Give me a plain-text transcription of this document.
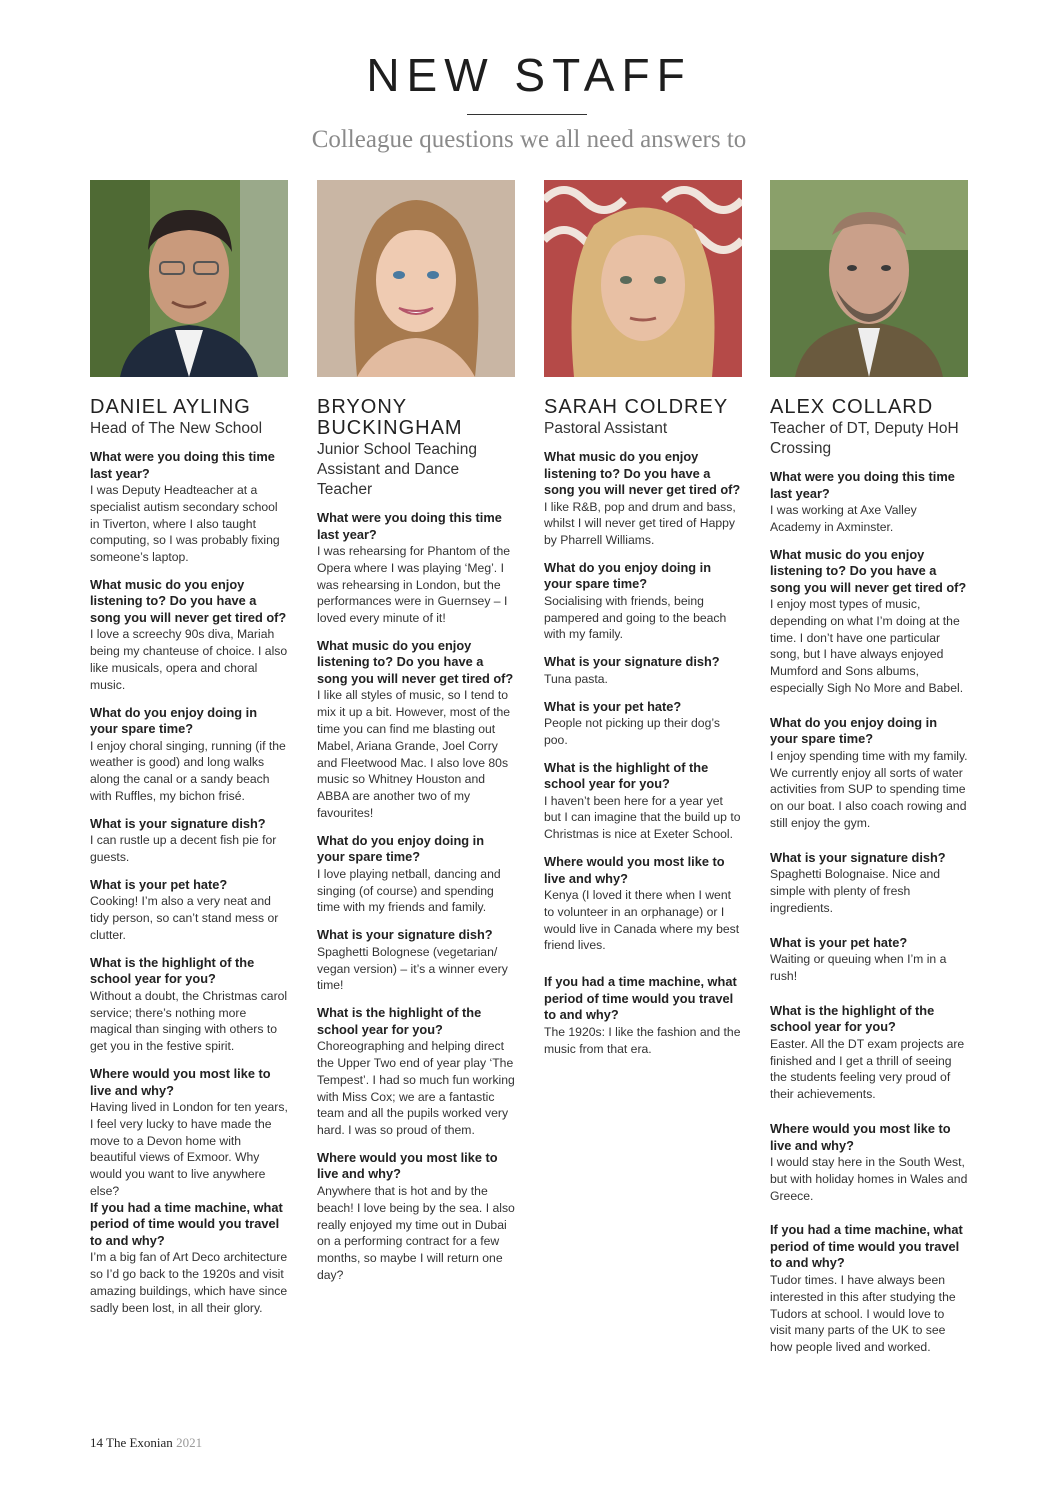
NEW STAFF
Colleague questions we all need answers to
DANIEL AYLING
Head of The New School
What were you doing this time last year?
I was Deputy Headteacher at a specialist autism secondary school in Tiverton, where I also taught computing, so I was probably fixing someone’s laptop.
What music do you enjoy listening to? Do you have a song you will never get tired of?
I love a screechy 90s diva, Mariah being my chanteuse of choice. I also like musicals, opera and choral music.
What do you enjoy doing in your spare time?
I enjoy choral singing, running (if the weather is good) and long walks along the canal or a sandy beach with Ruffles, my bichon frisé.
What is your signature dish?
I can rustle up a decent fish pie for guests.
What is your pet hate?
Cooking! I’m also a very neat and tidy person, so can’t stand mess or clutter.
What is the highlight of the school year for you?
Without a doubt, the Christmas carol service; there’s nothing more magical than singing with others to get you in the festive spirit.
Where would you most like to live and why?
Having lived in London for ten years, I feel very lucky to have made the move to a Devon home with beautiful views of Exmoor. Why would you want to live anywhere else?
If you had a time machine, what period of time would you travel to and why?
I’m a big fan of Art Deco architecture so I’d go back to the 1920s and visit amazing buildings, which have since sadly been lost, in all their glory.
BRYONY BUCKINGHAM
Junior School Teaching Assistant and Dance Teacher
What were you doing this time last year?
I was rehearsing for Phantom of the Opera where I was playing ‘Meg’. I was rehearsing in London, but the performances were in Guernsey – I loved every minute of it!
What music do you enjoy listening to? Do you have a song you will never get tired of?
I like all styles of music, so I tend to mix it up a bit. However, most of the time you can find me blasting out Mabel, Ariana Grande, Joel Corry and Fleetwood Mac. I also love 80s music so Whitney Houston and ABBA are another two of my favourites!
What do you enjoy doing in your spare time?
I love playing netball, dancing and singing (of course) and spending time with my friends and family.
What is your signature dish?
Spaghetti Bolognese (vegetarian/ vegan version) – it’s a winner every time!
What is the highlight of the school year for you?
Choreographing and helping direct the Upper Two end of year play ‘The Tempest’. I had so much fun working with Miss Cox; we are a fantastic team and all the pupils worked very hard. I was so proud of them.
Where would you most like to live and why?
Anywhere that is hot and by the beach! I love being by the sea. I also really enjoyed my time out in Dubai on a performing contract for a few months, so maybe I will return one day?
SARAH COLDREY
Pastoral Assistant
What music do you enjoy listening to? Do you have a song you will never get tired of?
I like R&B, pop and drum and bass, whilst I will never get tired of Happy by Pharrell Williams.
What do you enjoy doing in your spare time?
Socialising with friends, being pampered and going to the beach with my family.
What is your signature dish?
Tuna pasta.
What is your pet hate?
People not picking up their dog’s poo.
What is the highlight of the school year for you?
I haven’t been here for a year yet but I can imagine that the build up to Christmas is nice at Exeter School.
Where would you most like to live and why?
Kenya (I loved it there when I went to volunteer in an orphanage) or I would live in Canada where my best friend lives.
If you had a time machine, what period of time would you travel to and why?
The 1920s: I like the fashion and the music from that era.
ALEX COLLARD
Teacher of DT, Deputy HoH Crossing
What were you doing this time last year?
I was working at Axe Valley Academy in Axminster.
What music do you enjoy listening to? Do you have a song you will never get tired of?
I enjoy most types of music, depending on what I’m doing at the time. I don’t have one particular song, but I have always enjoyed Mumford and Sons albums, especially Sigh No More and Babel.
What do you enjoy doing in your spare time?
I enjoy spending time with my family. We currently enjoy all sorts of water activities from SUP to spending time on our boat. I also coach rowing and still enjoy the gym.
What is your signature dish?
Spaghetti Bolognaise. Nice and simple with plenty of fresh ingredients.
What is your pet hate?
Waiting or queuing when I’m in a rush!
What is the highlight of the school year for you?
Easter. All the DT exam projects are finished and I get a thrill of seeing the students feeling very proud of their achievements.
Where would you most like to live and why?
I would stay here in the South West, but with holiday homes in Wales and Greece.
If you had a time machine, what period of time would you travel to and why?
Tudor times. I have always been interested in this after studying the Tudors at school. I would love to visit many parts of the UK to see how people lived and worked.
14 The Exonian 2021
